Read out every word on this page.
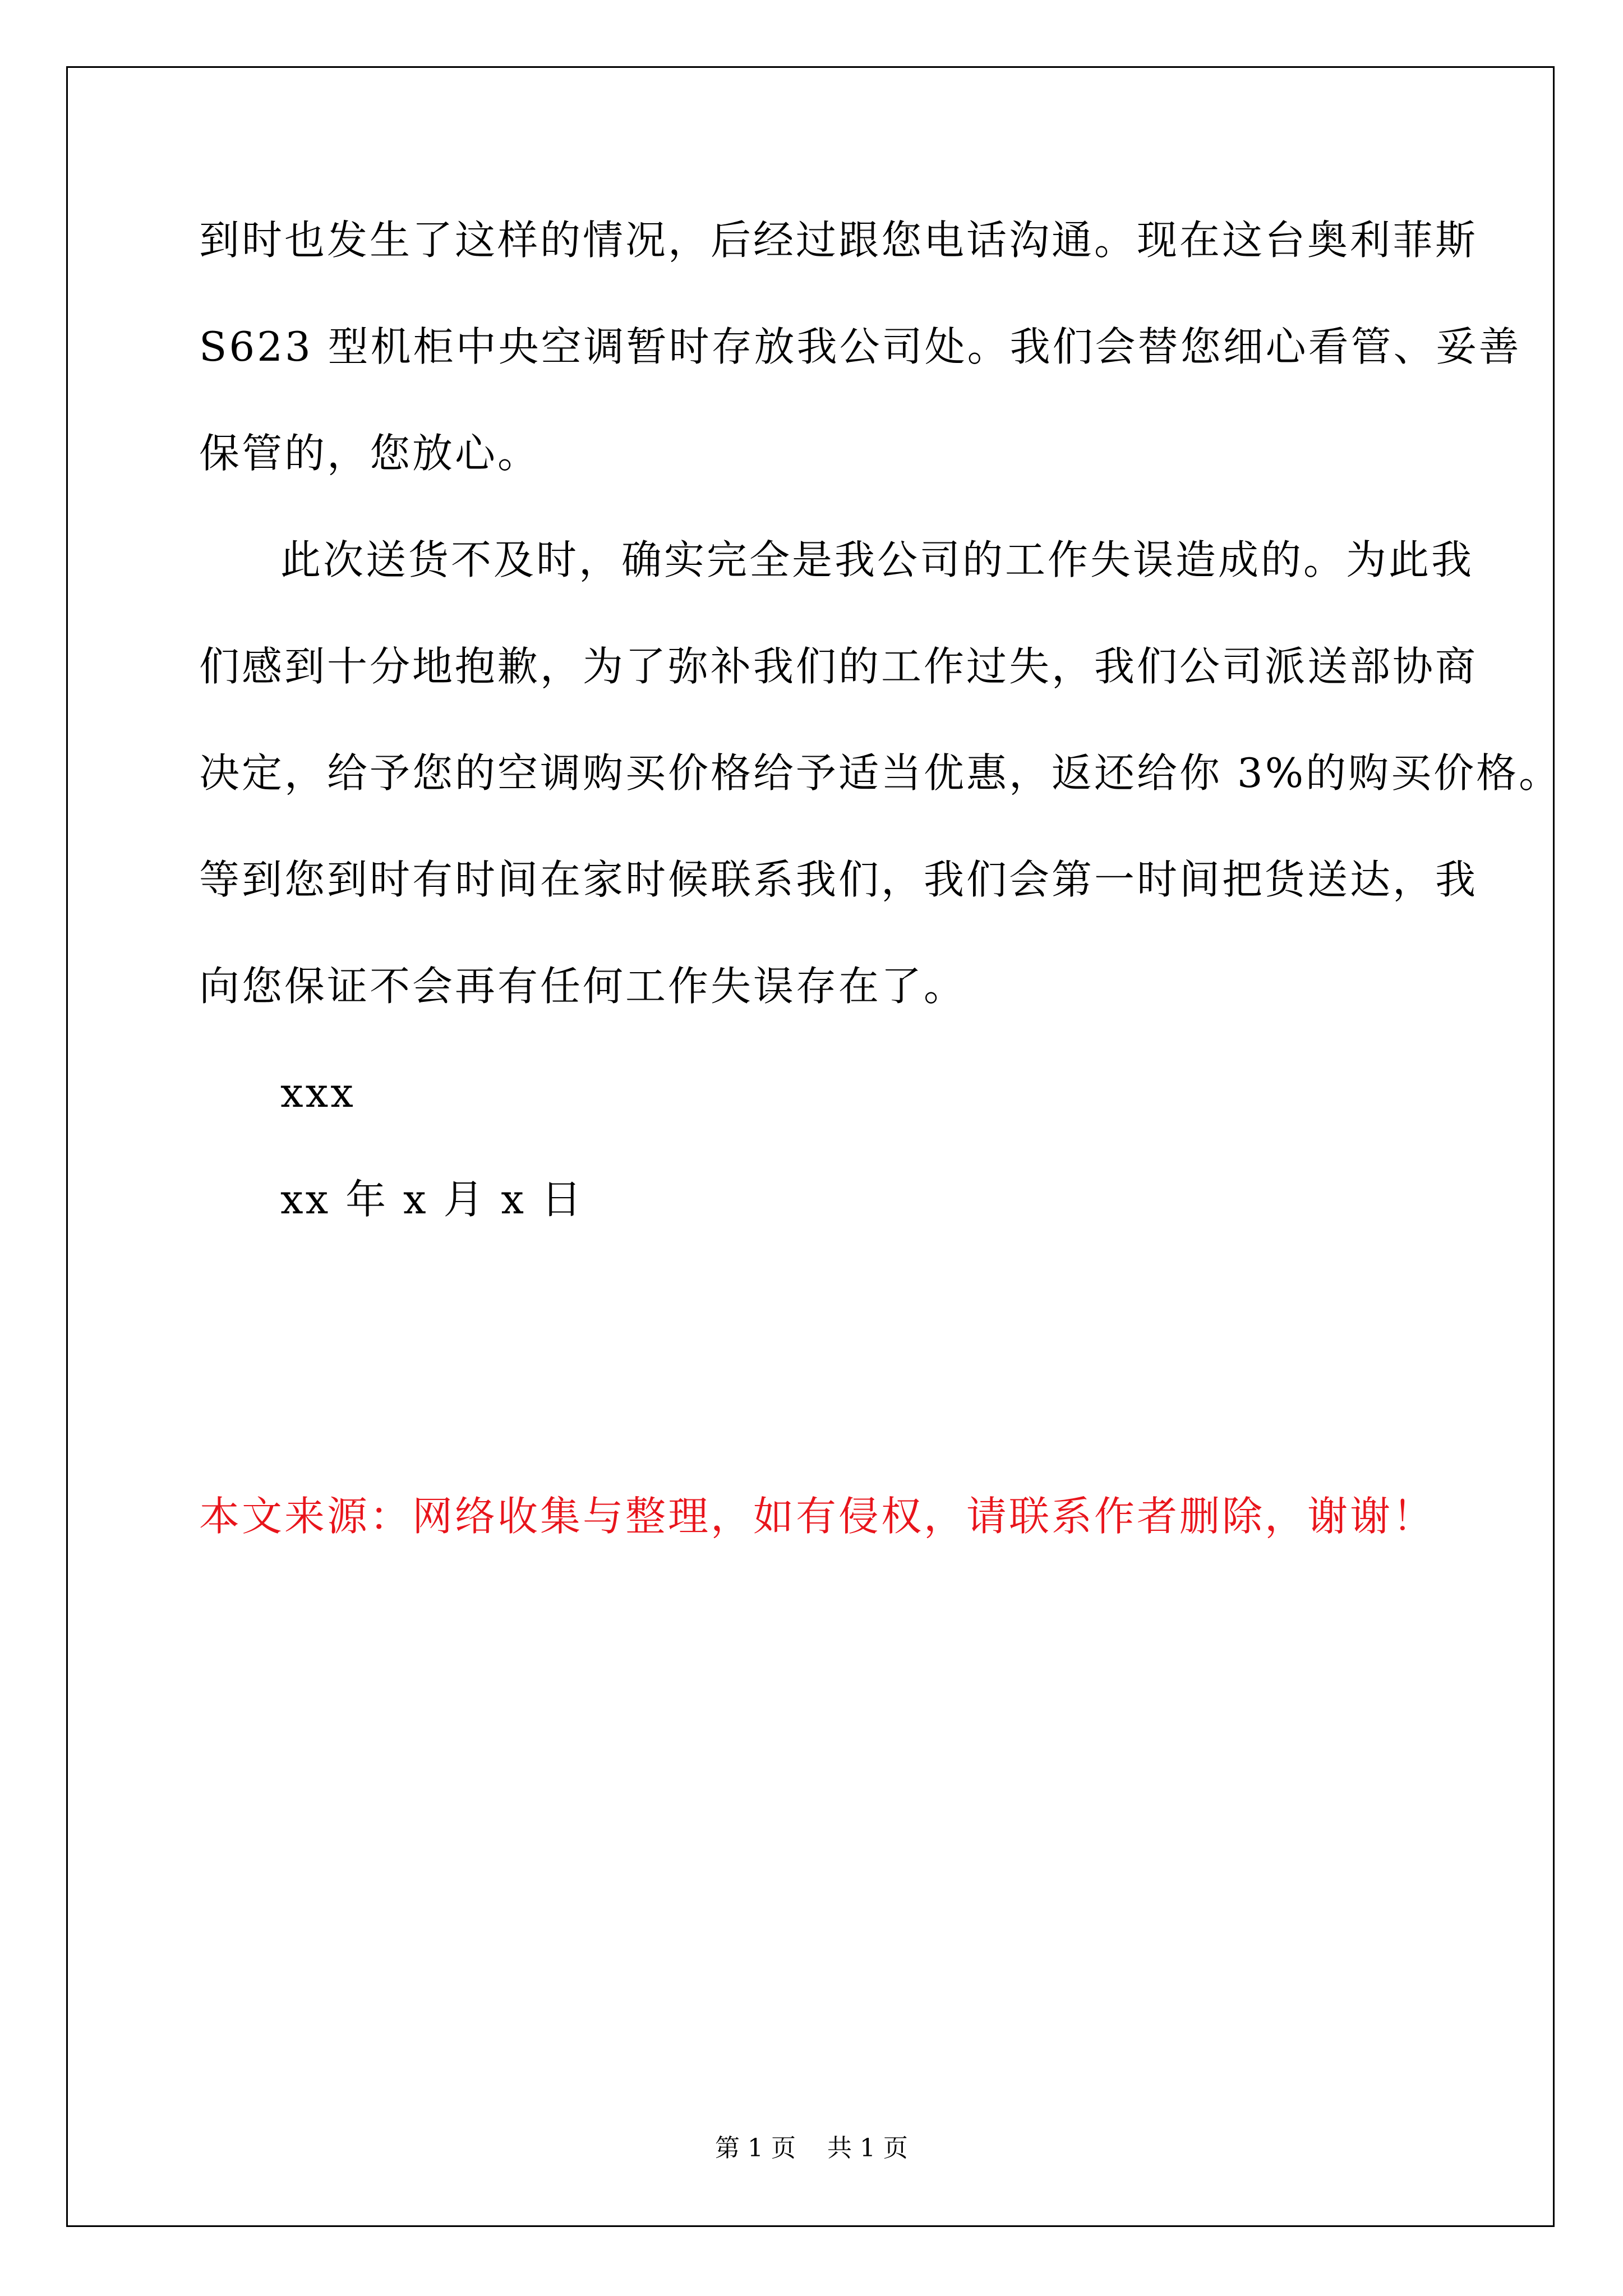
到时也发生了这样的情况，后经过跟您电话沟通。现在这台奥利菲斯
S623 型机柜中央空调暂时存放我公司处。我们会替您细心看管、妥善
保管的，您放心。
此次送货不及时，确实完全是我公司的工作失误造成的。为此我
们感到十分地抱歉，为了弥补我们的工作过失，我们公司派送部协商
决定，给予您的空调购买价格给予适当优惠，返还给你 3%的购买价格。
等到您到时有时间在家时候联系我们，我们会第一时间把货送达，我
向您保证不会再有任何工作失误存在了。
xxx
xx 年 x 月 x 日
本文来源：网络收集与整理，如有侵权，请联系作者删除，谢谢！
第 1 页    共 1 页
